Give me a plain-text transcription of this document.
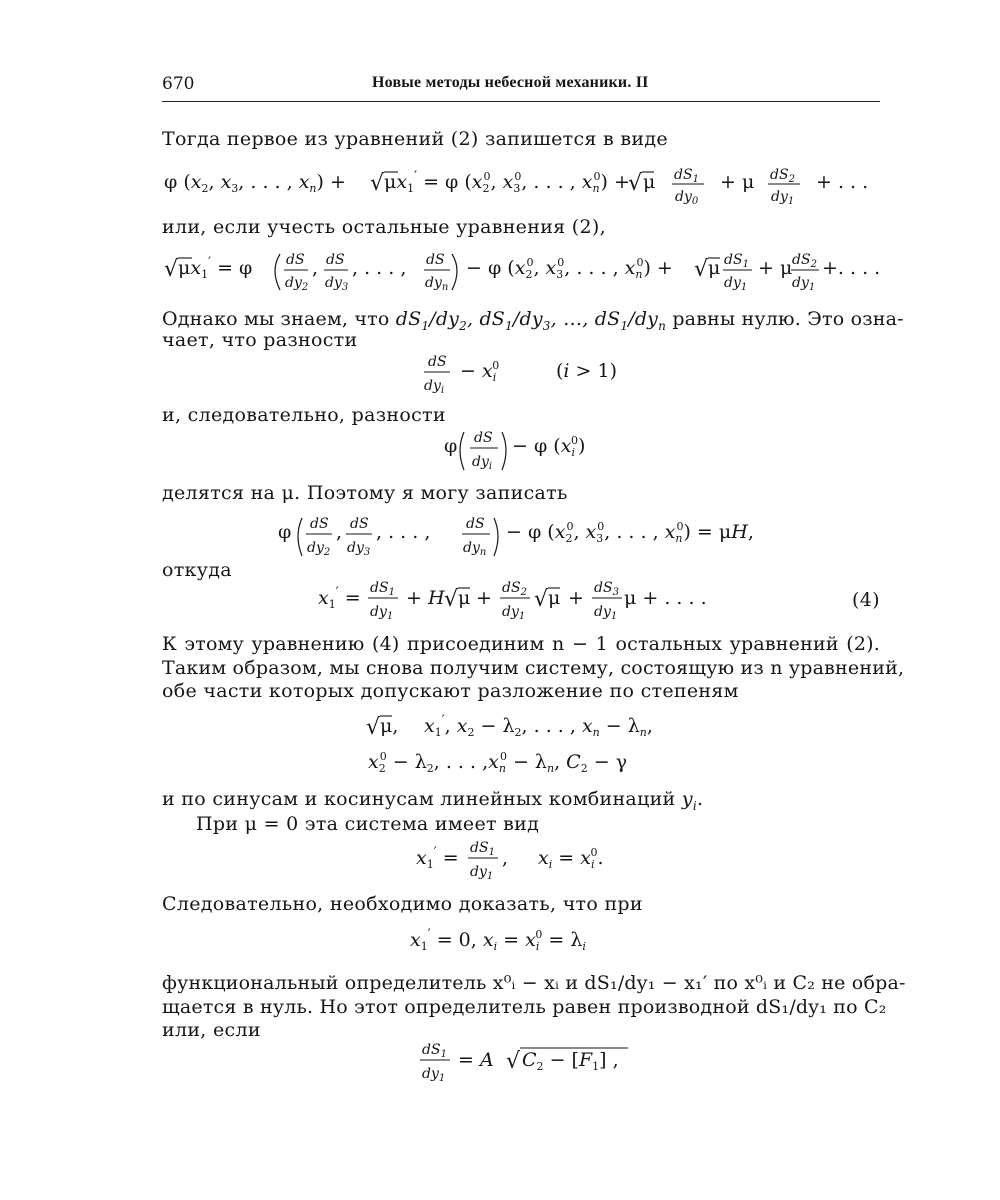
670	Новые методы небесной механики. II
Тогда первое из уравнений (2) запишется в виде
φ ($x_2$, $x_3$, . . . , $x_n$) + √ $\mu x_1' = \varphi$ ($x_20$, $x_30$, . . . , $x_n0$) +
√ μ $dS_1$
$dy_0$
+ μ $dS_2$
$dy_1$
+ . . .
или, если учесть остальные уравнения (2),
√ $\mu x_1' = \varphi$ dS
$dy_2$
, dS
$dy_3$
, . . . , dS
$dy_n$
− φ ($x_20$, $x_30$, . . . , $x_n0$) + √ μ $dS_1$
$dy_1$
+ μ $dS_2$
$dy_1$
+. . . .
Однако мы знаем, что $dS_1/dy_2$, $dS_1/dy_3$, …, $dS_1/dy_n$ равны нулю. Это озна-
чает, что разности
dS
$dy_i$
− $x_i0$	(i > 1)
и, следовательно, разности
φ dS
$dy_i$
− φ $(x_i0)$
делятся на μ. Поэтому я могу записать
φ dS
$dy_2$
, dS
$dy_3$
, . . . ,	dS
$dy_n$
− φ ($x_20$, $x_30$, . . . , $x_n0) = \mu H$,
откуда
$x_1' = dS_1$
$dy_1$
+ H √ $\mu + dS_2$
$dy_1$
√ $\mu + dS_3$
$dy_1$
μ + . . . .	(4)
К этому уравнению (4) присоединим n − 1 остальных уравнений (2).
Таким образом, мы снова получим систему, состоящую из n уравнений,
обе части которых допускают разложение по степеням
√ μ, $x_1'$, $x_2 - \lambda_2$, . . . , $x_n - \lambda_n$,
$x_20 - \lambda_2$, . . . $,x_n0 - \lambda_n$, $C_2 - \gamma$
и по синусам и косинусам линейных комбинаций $y_i$.
При μ = 0 эта система имеет вид
$x_1' = dS_1$
$dy_1$
, $x_i = x_i0$.
Следовательно, необходимо доказать, что при
$x_1' = 0$, $x_i = x_i0 = \lambda_i$
функциональный определитель x⁰ᵢ − xᵢ и dS₁/dy₁ − x₁′ по x⁰ᵢ и C₂ не обра-
щается в нуль. Но этот определитель равен производной dS₁/dy₁ по C₂
или, если
$dS_1$
$dy_1$
= A √ $C_2 - [F_1]$ ,
